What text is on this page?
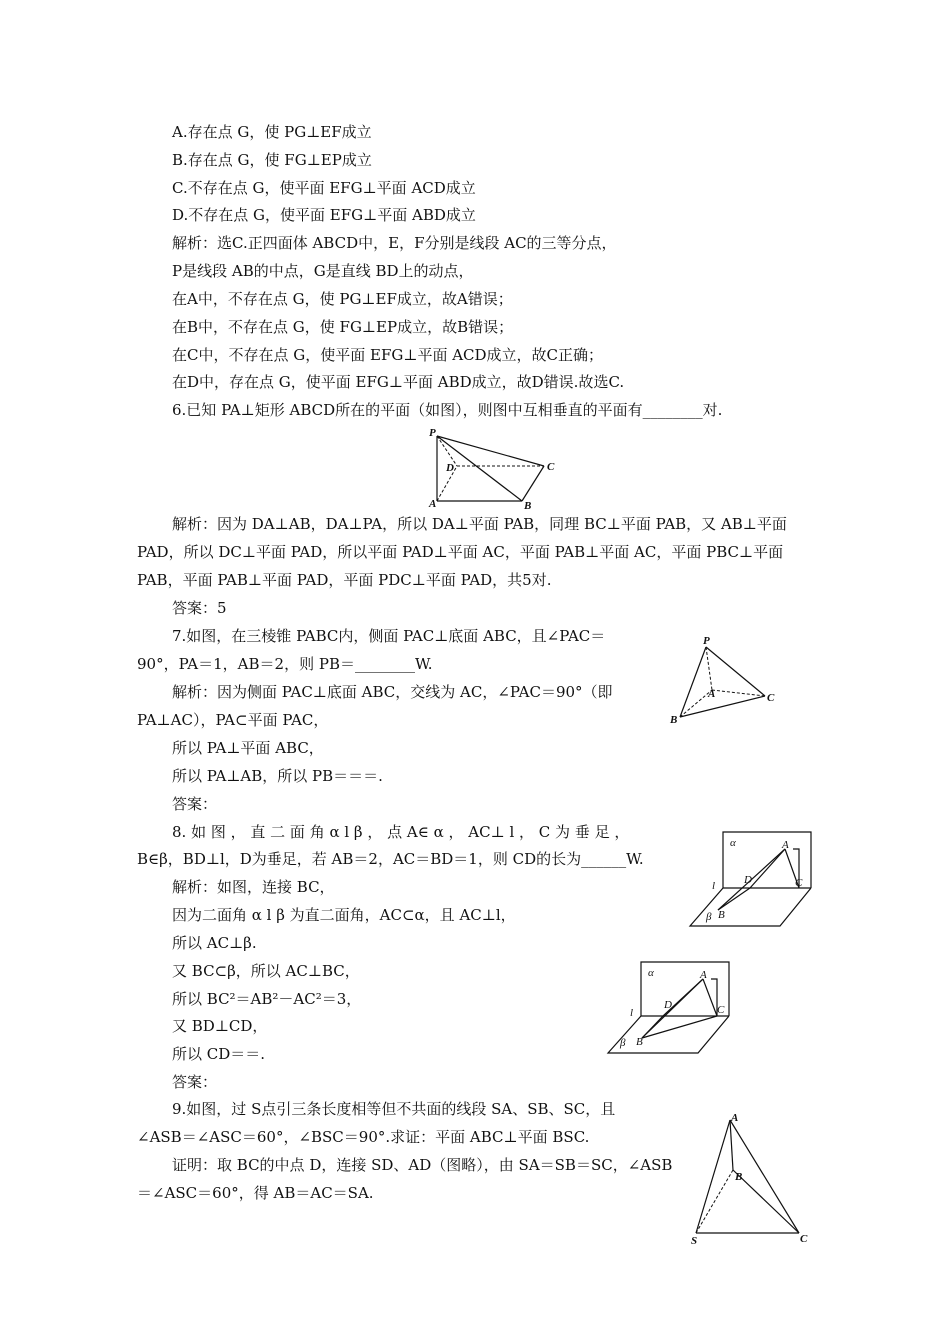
A.存在点 G，使 PG⊥EF成立
B.存在点 G，使 FG⊥EP成立
C.不存在点 G，使平面 EFG⊥平面 ACD成立
D.不存在点 G，使平面 EFG⊥平面 ABD成立
解析：选C.正四面体 ABCD中，E，F分别是线段 AC的三等分点，
P是线段 AB的中点，G是直线 BD上的动点，
在A中，不存在点 G，使 PG⊥EF成立，故A错误；
在B中，不存在点 G，使 FG⊥EP成立，故B错误；
在C中，不存在点 G，使平面 EFG⊥平面 ACD成立，故C正确；
在D中，存在点 G，使平面 EFG⊥平面 ABD成立，故D错误.故选C.
6.已知 PA⊥矩形 ABCD所在的平面（如图），则图中互相垂直的平面有________对.
解析：因为 DA⊥AB，DA⊥PA，所以 DA⊥平面 PAB，同理 BC⊥平面 PAB，又 AB⊥平面
PAD，所以 DC⊥平面 PAD，所以平面 PAD⊥平面 AC，平面 PAB⊥平面 AC，平面 PBC⊥平面
PAB，平面 PAB⊥平面 PAD，平面 PDC⊥平面 PAD，共5对.
答案：5
7.如图，在三棱锥 PABC内，侧面 PAC⊥底面 ABC，且∠PAC＝
90°，PA＝1，AB＝2，则 PB＝________W.
解析：因为侧面 PAC⊥底面 ABC，交线为 AC，∠PAC＝90°（即
PA⊥AC），PA⊂平面 PAC，
所以 PA⊥平面 ABC，
所以 PA⊥AB，所以 PB＝＝＝.
答案：
8. 如 图 ， 直 二 面 角 α l β ， 点 A∈ α ， AC⊥ l ， C 为 垂 足 ，
B∈β，BD⊥l，D为垂足，若 AB＝2，AC＝BD＝1，则 CD的长为______W.
解析：如图，连接 BC，
因为二面角 α l β 为直二面角，AC⊂α，且 AC⊥l，
所以 AC⊥β.
又 BC⊂β，所以 AC⊥BC，
所以 BC²＝AB²－AC²＝3，
又 BD⊥CD，
所以 CD＝＝.
答案：
9.如图，过 S点引三条长度相等但不共面的线段 SA、SB、SC，且
∠ASB＝∠ASC＝60°，∠BSC＝90°.求证：平面 ABC⊥平面 BSC.
证明：取 BC的中点 D，连接 SD、AD（图略），由 SA＝SB＝SC，∠ASB
＝∠ASC＝60°，得 AB＝AC＝SA.
P
D	C
A	B
P
A
B
C
α	A
D	C
l
β B
α	A
D	C
l
β B
A
B
S	C
